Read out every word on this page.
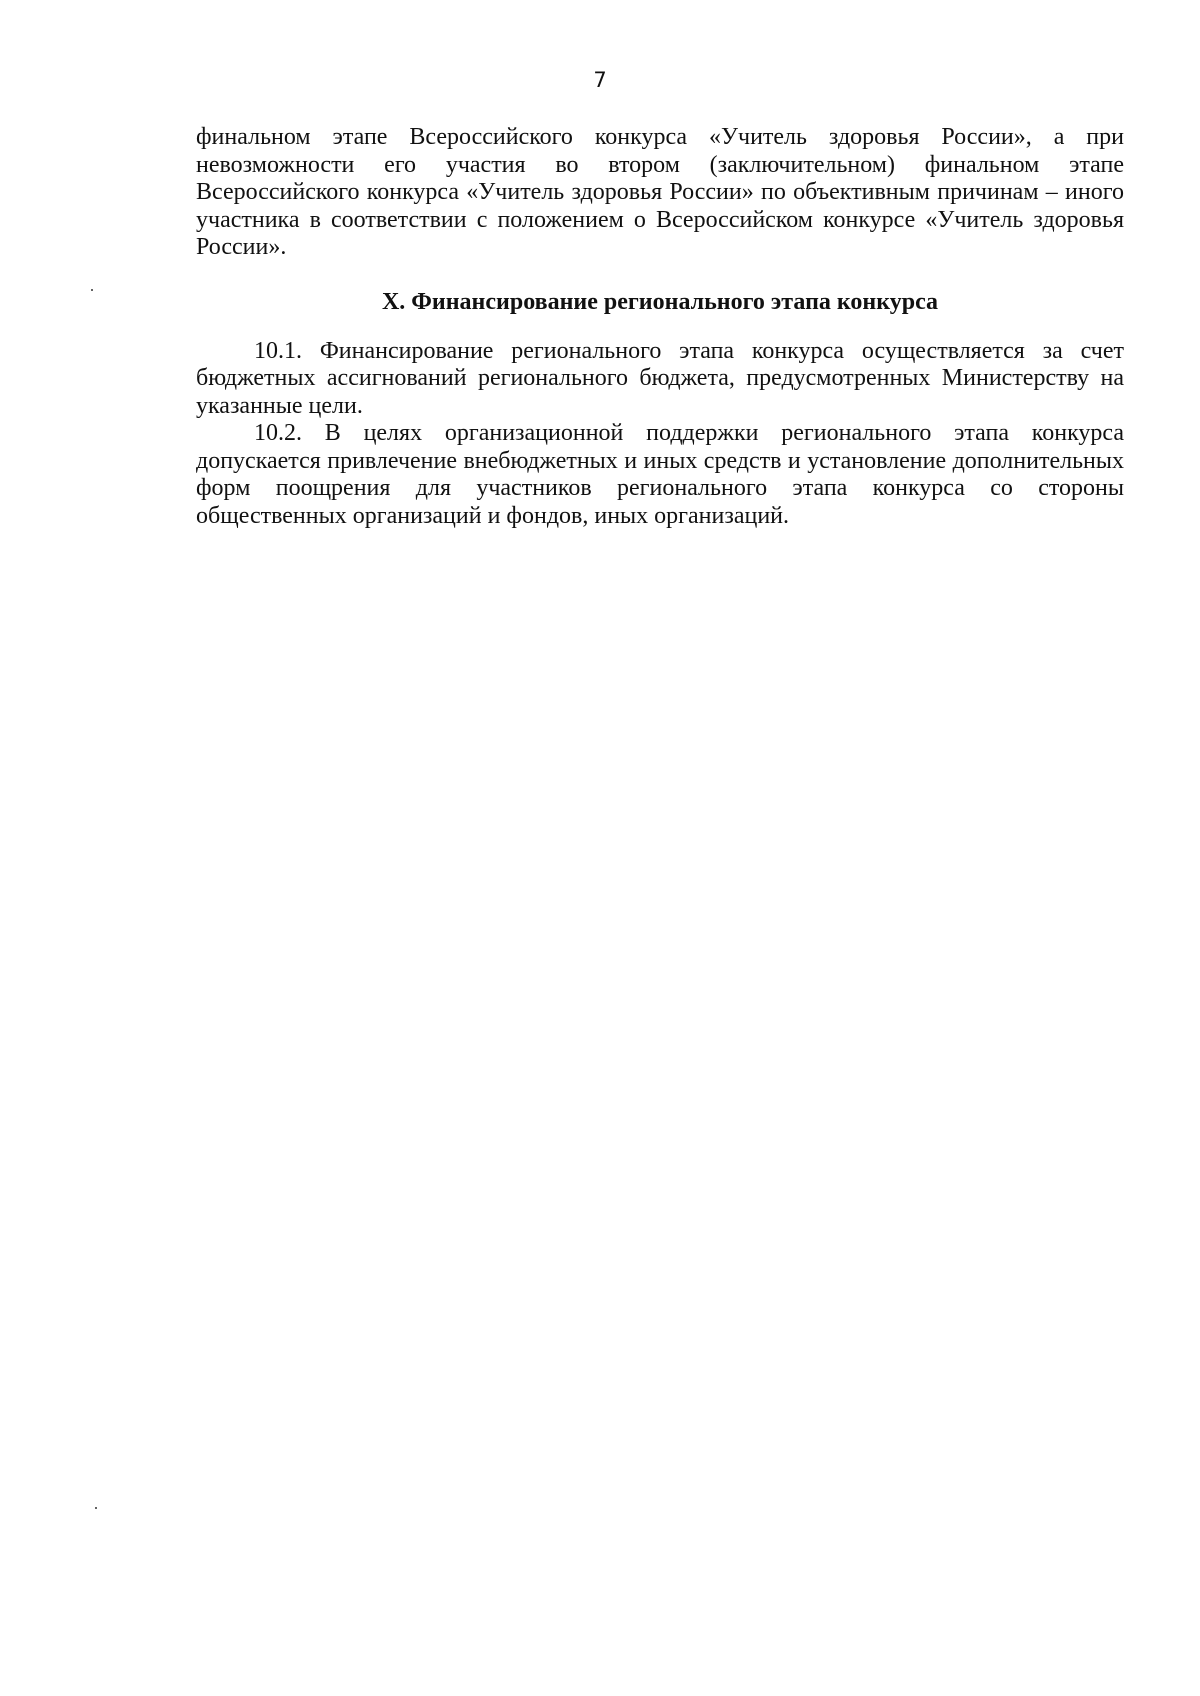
7

финальном этапе Всероссийского конкурса «Учитель здоровья России», а при невозможности его участия во втором (заключительном) финальном этапе Всероссийского конкурса «Учитель здоровья России» по объективным причинам – иного участника в соответствии с положением о Всероссийском конкурсе «Учитель здоровья России».

X. Финансирование регионального этапа конкурса

10.1. Финансирование регионального этапа конкурса осуществляется за счет бюджетных ассигнований регионального бюджета, предусмотренных Министерству на указанные цели.

10.2. В целях организационной поддержки регионального этапа конкурса допускается привлечение внебюджетных и иных средств и установление дополнительных форм поощрения для участников регионального этапа конкурса со стороны общественных организаций и фондов, иных организаций.
